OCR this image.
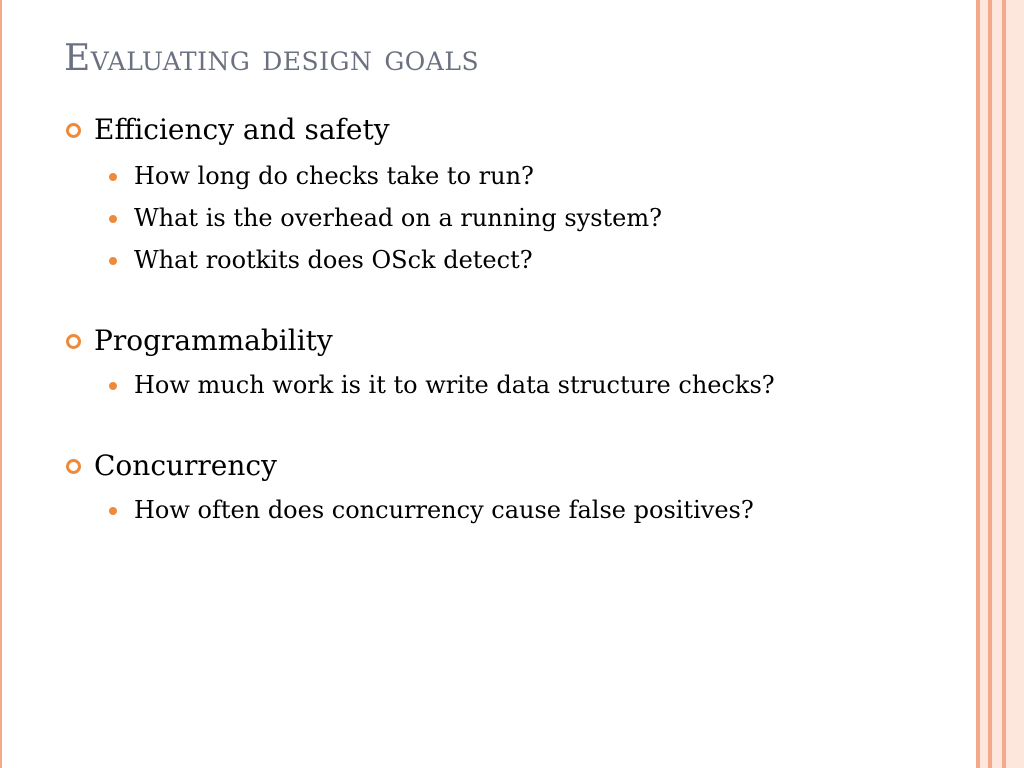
Evaluating design goals
Efficiency and safety
How long do checks take to run?
What is the overhead on a running system?
What rootkits does OSck detect?
Programmability
How much work is it to write data structure checks?
Concurrency
How often does concurrency cause false positives?
